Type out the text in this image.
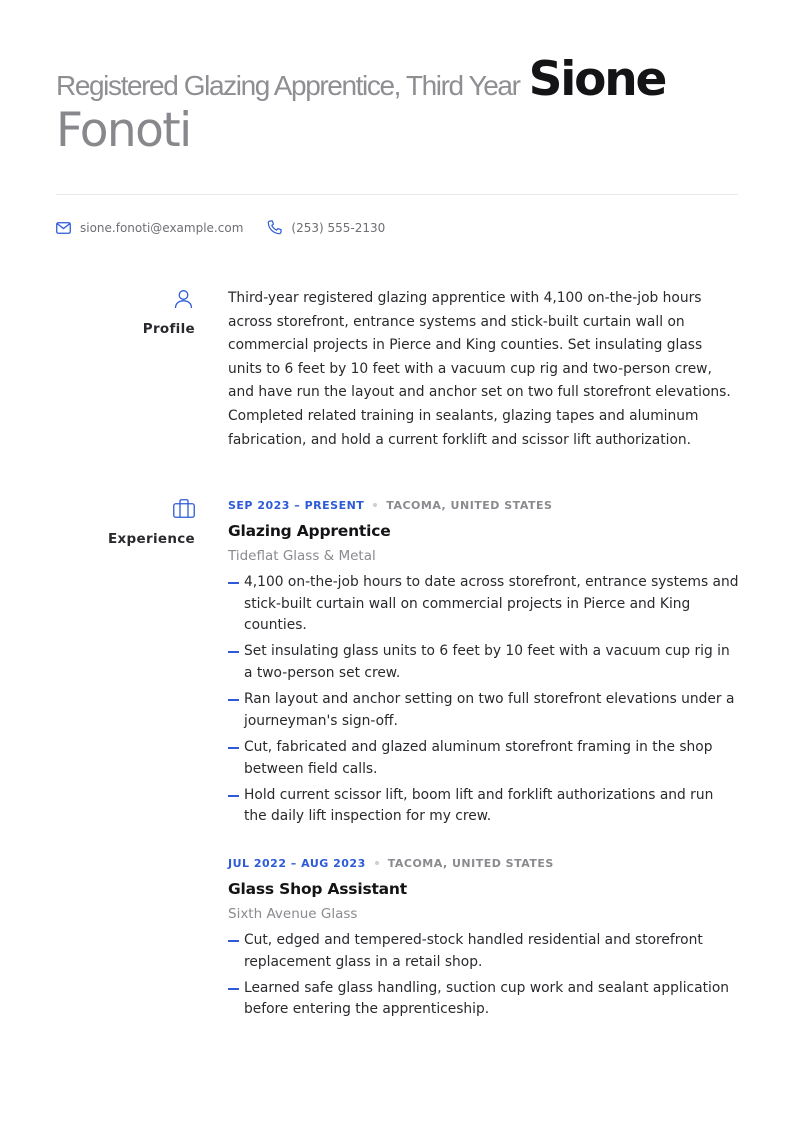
Registered Glazing Apprentice, Third Year Sione
Fonoti
sione.fonoti@example.com	(253) 555-2130
Profile
Third-year registered glazing apprentice with 4,100 on-the-job hours across storefront, entrance systems and stick-built curtain wall on commercial projects in Pierce and King counties. Set insulating glass units to 6 feet by 10 feet with a vacuum cup rig and two-person crew, and have run the layout and anchor set on two full storefront elevations. Completed related training in sealants, glazing tapes and aluminum fabrication, and hold a current forklift and scissor lift authorization.
Experience
SEP 2023 – PRESENT TACOMA, UNITED STATES
Glazing Apprentice
Tideflat Glass & Metal
4,100 on-the-job hours to date across storefront, entrance systems and stick-built curtain wall on commercial projects in Pierce and King counties.
Set insulating glass units to 6 feet by 10 feet with a vacuum cup rig in a two-person set crew.
Ran layout and anchor setting on two full storefront elevations under a journeyman's sign-off.
Cut, fabricated and glazed aluminum storefront framing in the shop between field calls.
Hold current scissor lift, boom lift and forklift authorizations and run the daily lift inspection for my crew.
JUL 2022 – AUG 2023 TACOMA, UNITED STATES
Glass Shop Assistant
Sixth Avenue Glass
Cut, edged and tempered-stock handled residential and storefront replacement glass in a retail shop.
Learned safe glass handling, suction cup work and sealant application before entering the apprenticeship.
